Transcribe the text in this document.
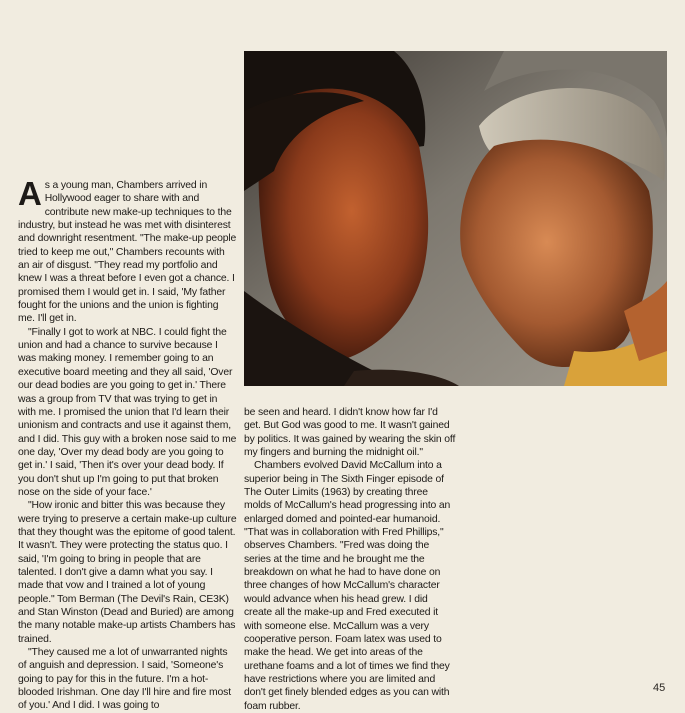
As a young man, Chambers arrived in Hollywood eager to share with and contribute new make-up techniques to the industry, but instead he was met with disinterest and downright resentment. "The make-up people tried to keep me out," Chambers recounts with an air of disgust. "They read my portfolio and knew I was a threat before I even got a chance. I promised them I would get in. I said, 'My father fought for the unions and the union is fighting me. I'll get in.

"Finally I got to work at NBC. I could fight the union and had a chance to survive because I was making money. I remember going to an executive board meeting and they all said, 'Over our dead bodies are you going to get in.' There was a group from TV that was trying to get in with me. I promised the union that I'd learn their unionism and contracts and use it against them, and I did. This guy with a broken nose said to me one day, 'Over my dead body are you going to get in.' I said, 'Then it's over your dead body. If you don't shut up I'm going to put that broken nose on the side of your face.'

"How ironic and bitter this was because they were trying to preserve a certain make-up culture that they thought was the epitome of good talent. It wasn't. They were protecting the status quo. I said, 'I'm going to bring in people that are talented. I don't give a damn what you say. I made that vow and I trained a lot of young people." Tom Berman (The Devil's Rain, CE3K) and Stan Winston (Dead and Buried) are among the many notable make-up artists Chambers has trained.

"They caused me a lot of unwarranted nights of anguish and depression. I said, 'Someone's going to pay for this in the future. I'm a hot-blooded Irishman. One day I'll hire and fire most of you.' And I did. I was going to

be seen and heard. I didn't know how far I'd get. But God was good to me. It wasn't gained by politics. It was gained by wearing the skin off my fingers and burning the midnight oil."

Chambers evolved David McCallum into a superior being in The Sixth Finger episode of The Outer Limits (1963) by creating three molds of McCallum's head progressing into an enlarged domed and pointed-ear humanoid. "That was in collaboration with Fred Phillips," observes Chambers. "Fred was doing the series at the time and he brought me the breakdown on what he had to have done on three changes of how McCallum's character would advance when his head grew. I did create all the make-up and Fred executed it with someone else. McCallum was a very cooperative person. Foam latex was used to make the head. We get into areas of the urethane foams and a lot of times we find they have restrictions where you are limited and don't get finely blended edges as you can with foam rubber.

45
